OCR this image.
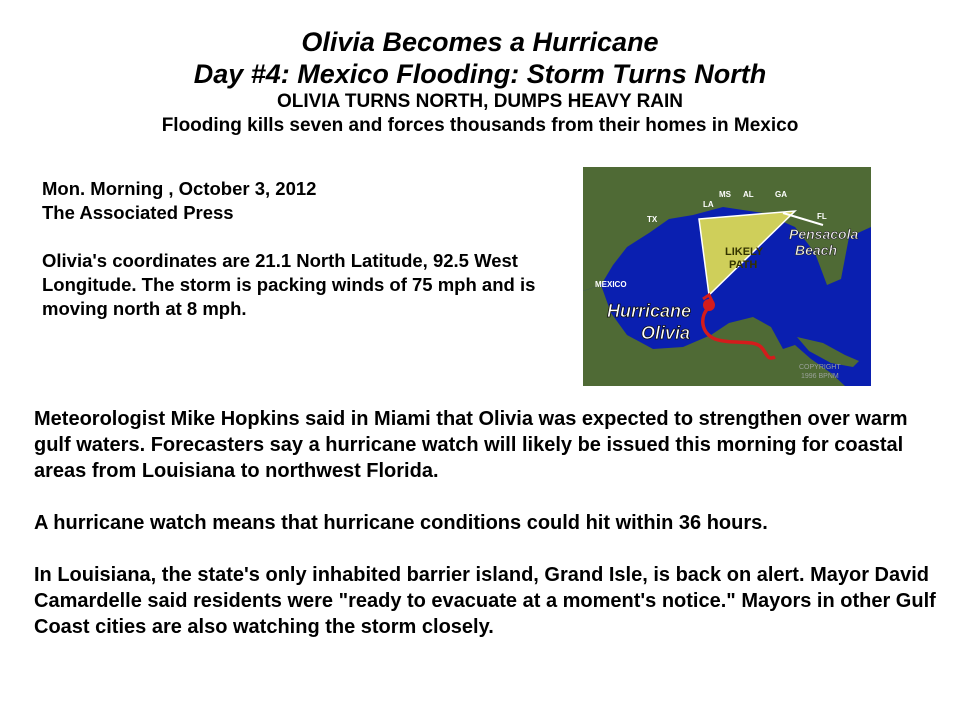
Olivia Becomes a Hurricane
Day #4: Mexico Flooding: Storm Turns North
OLIVIA TURNS NORTH, DUMPS HEAVY RAIN
Flooding kills seven and forces thousands from their homes in Mexico

Mon. Morning , October 3, 2012

The Associated Press

Olivia's coordinates are 21.1 North Latitude, 92.5 West Longitude. The storm is packing winds of 75 mph and is moving north at 8 mph.

TX
LA
MS AL	GA
FL
MEXICO
LIKELY
PATH
Pensacola
Beach
Hurricane
Olivia
COPYRIGHT
1996 BPNM

Meteorologist Mike Hopkins said in Miami that Olivia was expected to strengthen over warm gulf waters. Forecasters say a hurricane watch will likely be issued this morning for coastal areas from Louisiana to northwest Florida.

A hurricane watch means that hurricane conditions could hit within 36 hours.

In Louisiana, the state's only inhabited barrier island, Grand Isle, is back on alert. Mayor David Camardelle said residents were "ready to evacuate at a moment's notice." Mayors in other Gulf Coast cities are also watching the storm closely.
